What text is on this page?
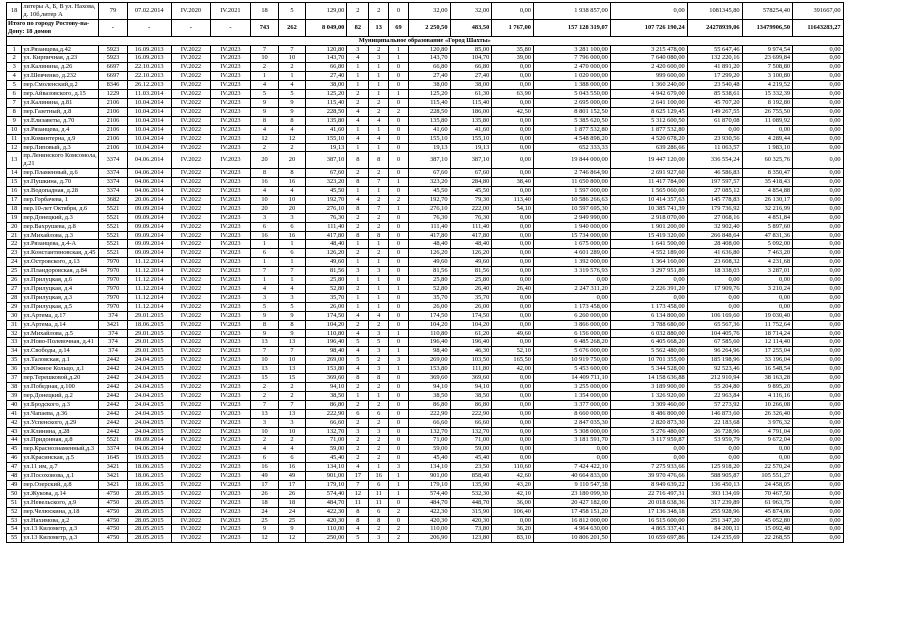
18	литеры А, Б, В ул. Нахова, д. 10б,литер А	79	07.02.2014	IV.2020	IV.2021	18	5	129,00	2	2	0	32,00	32,00	0,00	1 938 857,00	0,00	1081345,80	578254,40	391667,00
Итого по городу Ростову-на-Дону: 18 домов		-	-	-	-	743	262	8 049,00	82	13	69	2 250,50	483,50	1 767,00	157 128 319,07	107 726 190,24	24278939,06	13479906,50	11643283,27
Муниципальное образование «Город Шахты»																			
1	ул.Рязанцева,д.42	5923	16.09.2013	IV.2022	IV.2023	7	7	120,80	3	2	1	120,80	85,00	35,80	3 281 100,00	3 215 478,00	55 647,46	9 974,54	0,00
2	ул. Кирпичная, д.23	5923	16.09.2013	IV.2022	IV.2023	10	10	143,70	4	3	1	143,70	104,70	39,00	7 796 000,00	7 640 080,00	132 220,16	23 699,84	0,00
3	ул.Калинина, д.26	6697	22.10.2013	IV.2022	IV.2023	2	2	66,80	1	1	0	66,80	66,80	0,00	2 470 000,00	2 420 600,00	41 891,20	7 508,80	0,00
4	ул.Шевченко, д.232	6697	22.10.2013	IV.2022	IV.2023	1	1	27,40	1	1	0	27,40	27,40	0,00	1 020 000,00	999 600,00	17 299,20	3 100,80	0,00
5	пер.Смоленский,д.2	8346	26.12.2013	IV.2022	IV.2023	4	4	38,00	1	1	0	38,00	38,00	0,00	1 388 000,00	1 360 240,00	23 540,48	4 219,52	0,00
6	пер.Айвазовского, д.15	1229	11.03.2014	IV.2022	IV.2023	5	5	125,20	2	1	1	125,20	61,30	63,90	5 043 550,00	4 942 679,00	85 538,61	15 332,39	0,00
7	ул.Калинина, д.81	2106	10.04.2014	IV.2022	IV.2023	9	9	115,40	2	2	0	115,40	115,40	0,00	2 695 000,00	2 641 100,00	45 707,20	8 192,80	0,00
8	пер.Газетный, д.8	2106	10.04.2014	IV.2022	IV.2023	9	9	228,50	4	2	2	228,50	186,00	42,50	8 801 152,50	8 625 129,45	149 267,55	26 755,50	0,00
9	ул.Елизаветы, д.70	2106	10.04.2014	IV.2022	IV.2023	8	8	135,80	4	4	0	135,80	135,80	0,00	5 385 620,50	5 312 600,50	61 870,08	11 089,92	0,00
10	ул.Рязанцева, д.4	2106	10.04.2014	IV.2022	IV.2023	4	4	41,60	1	1	0	41,60	41,60	0,00	1 877 532,80	1 877 532,80	0,00	0,00	0,00
11	ул.Коминтерна, д.9	2106	10.04.2014	IV.2022	IV.2023	12	12	155,10	4	4	0	155,10	155,10	0,00	4 548 898,20	4 520 678,20	23 930,56	4 289,44	0,00
12	пер.Липовый, д.3	2106	10.04.2014	IV.2022	IV.2023	2	2	19,13	1	1	0	19,13	19,13	0,00	652 333,33	639 286,66	11 063,57	1 983,10	0,00
13	пр.Ленинского Комсомола, д.21	3374	04.06.2014	IV.2022	IV.2023	20	20	387,10	8	8	0	387,10	387,10	0,00	19 844 000,00	19 447 120,00	336 554,24	60 325,76	0,00
14	пер.Пламенный, д.6	3374	04.06.2014	IV.2022	IV.2023	8	8	67,60	2	2	0	67,60	67,60	0,00	2 746 864,90	2 691 927,60	46 586,83	8 350,47	0,00
15	ул.Пушкина, д.70	3374	04.06.2014	IV.2022	IV.2023	16	16	323,20	8	7	1	323,20	284,80	38,40	11 650 800,00	11 417 784,00	197 597,57	35 418,43	0,00
16	ул.Водопадная, д.28	3374	04.06.2014	IV.2022	IV.2023	4	4	45,50	1	1	0	45,50	45,50	0,00	1 597 000,00	1 565 060,00	27 085,12	4 854,88	0,00
17	пер.Горбачева, 1	3682	20.06.2014	IV.2022	IV.2023	10	10	192,70	4	2	2	192,70	79,30	113,40	10 586 266,63	10 414 357,63	145 778,83	26 130,17	0,00
18	пер.10-лет Октября, д.6	5521	09.09.2014	IV.2022	IV.2023	20	20	276,10	8	7	1	276,10	222,00	54,10	10 597 695,30	10 385 741,39	179 736,92	32 216,99	0,00
19	пер.Донецкий, д.3	5521	09.09.2014	IV.2022	IV.2023	3	3	76,30	2	2	0	76,30	76,30	0,00	2 949 990,00	2 918 070,00	27 068,16	4 851,84	0,00
20	пер.Вахрушева, д.8	5521	09.09.2014	IV.2022	IV.2023	6	6	111,40	2	2	0	111,40	111,40	0,00	1 940 000,00	1 901 200,00	32 902,40	5 897,60	0,00
21	ул.Михайлова, д.3	5521	09.09.2014	IV.2022	IV.2023	16	16	417,80	8	8	0	417,80	417,80	0,00	15 734 000,00	15 419 320,00	266 848,64	47 831,36	0,00
22	ул.Рязанцева, д.4-А	5521	09.09.2014	IV.2022	IV.2023	1	1	48,40	1	1	0	48,40	48,40	0,00	1 675 000,00	1 641 500,00	28 408,00	5 092,00	0,00
23	ул.Константиновская, д.45	5521	09.09.2014	IV.2022	IV.2023	6	6	126,20	2	2	0	126,20	126,20	0,00	4 601 289,00	4 552 189,00	41 636,80	7 463,20	0,00
24	ул.Островского, д.13	7970	11.12.2014	IV.2022	IV.2023	1	1	49,60	1	1	0	49,60	49,60	0,00	1 392 000,00	1 364 160,00	23 608,32	4 231,68	0,00
25	ул.Пландоровская, д.84	7970	11.12.2014	IV.2022	IV.2023	7	7	81,56	3	3	0	81,56	81,56	0,00	3 319 576,93	3 297 951,89	18 338,03	3 287,01	0,00
26	ул.Прилуцкая, д.6	7970	11.12.2014	IV.2022	IV.2023	1	1	25,80	1	1	0	25,80	25,80	0,00	0,00	0,00	0,00	0,00	0,00
27	ул.Прилуцкая, д.4	7970	11.12.2014	IV.2022	IV.2023	4	4	52,80	2	1	1	52,80	26,40	26,40	2 247 311,20	2 226 391,20	17 909,76	3 210,24	0,00
28	ул.Прилуцкая, д.3	7970	11.12.2014	IV.2022	IV.2023	3	3	35,70	1	1	0	35,70	35,70	0,00	0,00	0,00	0,00	0,00	0,00
29	ул.Прилуцкая, д.5	7970	11.12.2014	IV.2022	IV.2023	5	5	26,00	1	1	0	26,00	26,00	0,00	1 173 458,00	1 173 458,00	0,00	0,00	0,00
30	ул.Артема, д.17	374	29.01.2015	IV.2022	IV.2023	9	9	174,50	4	4	0	174,50	174,50	0,00	6 260 000,00	6 134 800,00	106 169,60	19 030,40	0,00
31	ул.Артема, д.14	3421	18.06.2015	IV.2022	IV.2023	8	8	104,20	2	2	0	104,20	104,20	0,00	3 866 000,00	3 788 680,00	65 567,36	11 752,64	0,00
32	ул.Михайлова, д.5	374	29.01.2015	IV.2022	IV.2023	9	9	110,80	4	3	1	110,80	61,20	49,60	6 156 000,00	6 032 880,00	104 405,76	18 714,24	0,00
33	ул.Ново-Полевочная, д.41	374	29.01.2015	IV.2022	IV.2023	13	13	196,40	5	5	0	196,40	196,40	0,00	6 485 268,20	6 405 668,20	67 585,60	12 114,40	0,00
34	ул.Свободы, д.14	374	29.01.2015	IV.2022	IV.2023	7	7	98,40	4	3	1	98,40	46,30	52,10	5 676 000,00	5 562 480,00	96 264,96	17 255,04	0,00
35	ул.Таловская, д.1	2442	24.04.2015	IV.2022	IV.2023	10	10	269,00	5	2	3	269,00	103,50	165,50	10 919 750,00	10 701 355,00	185 198,96	33 196,04	0,00
36	ул.Южное Кольцо, д.1	2442	24.04.2015	IV.2022	IV.2023	13	13	153,80	4	3	1	153,80	111,80	42,00	5 453 600,00	5 344 528,00	92 523,46	16 548,54	0,00
37	пер.Терешковой,д.20	2442	24.04.2015	IV.2022	IV.2023	15	15	369,60	8	8	0	369,60	369,60	0,00	14 409 711,10	14 158 636,88	212 910,94	38 163,28	0,00
38	ул.Победная, д.100	2442	24.04.2015	IV.2022	IV.2023	2	2	94,10	2	2	0	94,10	94,10	0,00	3 255 000,00	3 189 900,00	55 204,80	9 895,20	0,00
39	пер.Донецкий, д.2	2442	24.04.2015	IV.2022	IV.2023	2	2	38,50	1	1	0	38,50	38,50	0,00	1 354 000,00	1 326 920,00	22 963,84	4 116,16	0,00
40	ул.Бродского, д.3	2442	24.04.2015	IV.2022	IV.2023	7	7	86,80	2	2	0	86,80	86,80	0,00	3 377 000,00	3 309 460,00	57 273,92	10 266,08	0,00
41	ул.Чапаева, д.36	2442	24.04.2015	IV.2022	IV.2023	13	13	222,90	6	6	0	222,90	222,90	0,00	8 660 000,00	8 486 800,00	146 873,60	26 326,40	0,00
42	ул.Успенского, д.29	2442	24.04.2015	IV.2022	IV.2023	3	3	66,60	2	2	0	66,60	66,60	0,00	2 847 035,30	2 820 873,30	22 183,68	3 976,32	0,00
43	ул.Клинина, д.28	2442	24.04.2015	IV.2022	IV.2023	10	10	132,70	3	3	0	132,70	132,70	0,00	5 308 000,00	5 276 480,00	26 728,96	4 791,04	0,00
44	ул.Придонная, д.8	5521	09.09.2014	IV.2022	IV.2023	2	2	71,00	2	2	0	71,00	71,00	0,00	3 181 591,70	3 117 959,87	53 959,79	9 672,04	0,00
45	пер.Краснознаменный,д.3	3374	04.06.2014	IV.2022	IV.2023	4	4	59,00	2	2	0	59,00	59,00	0,00	0,00	0,00	0,00	0,00	0,00
46	ул.Красинская, д.5	1645	19.03.2015	IV.2022	IV.2023	6	6	45,40	2	2	0	45,40	45,40	0,00	0,00	0,00	0,00	0,00	0,00
47	ул.11 им, д.7	3421	18.06.2015	IV.2022	IV.2023	16	16	134,10	4	1	3	134,10	23,50	110,60	7 424 422,10	7 275 933,66	125 918,20	22 570,24	0,00
48	ул.Посоховова, д.1	3421	18.06.2015	IV.2022	IV.2023	49	49	901,00	17	16	1	901,00	858,40	42,60	40 664 833,00	39 970 476,66	588 905,87	105 551,27	0,00
49	пер.Озерский, д.8	3421	18.06.2015	IV.2022	IV.2023	17	17	179,10	7	6	1	179,10	135,90	43,20	9 110 547,38	8 949 639,22	136 450,13	24 458,05	0,00
50	ул.Жукова, д.14	4750	28.05.2015	IV.2022	IV.2023	26	26	574,40	12	11	1	574,40	532,30	42,10	23 180 099,30	22 716 497,31	393 134,69	70 467,50	0,00
51	ул.Невельского, д.9	4750	28.05.2015	IV.2022	IV.2023	18	18	484,70	11	11	0	484,70	448,70	36,00	20 427 182,00	20 018 638,36	317 239,89	61 963,75	0,00
52	пер.Челюскина, д.18	4750	28.05.2015	IV.2022	IV.2023	24	24	422,30	8	6	2	422,30	315,90	106,40	17 458 151,20	17 136 348,18	255 928,96	45 874,06	0,00
53	ул.Нахимова, д.2	4750	28.05.2015	IV.2022	IV.2023	25	25	420,30	8	8	0	420,30	420,30	0,00	16 812 000,00	16 515 600,00	251 347,20	45 052,80	0,00
54	ул.13 Километр, д.3	4750	28.05.2015	IV.2022	IV.2023	9	9	110,00	4	2	2	110,00	73,80	36,20	4 964 630,00	4 865 337,41	84 200,11	15 092,48	0,00
55	ул.13 Километр, д.3	4750	28.05.2015	IV.2022	IV.2023	12	12	250,00	5	3	2	206,90	123,80	83,10	10 806 201,50	10 659 697,86	124 235,69	22 268,55	0,00
